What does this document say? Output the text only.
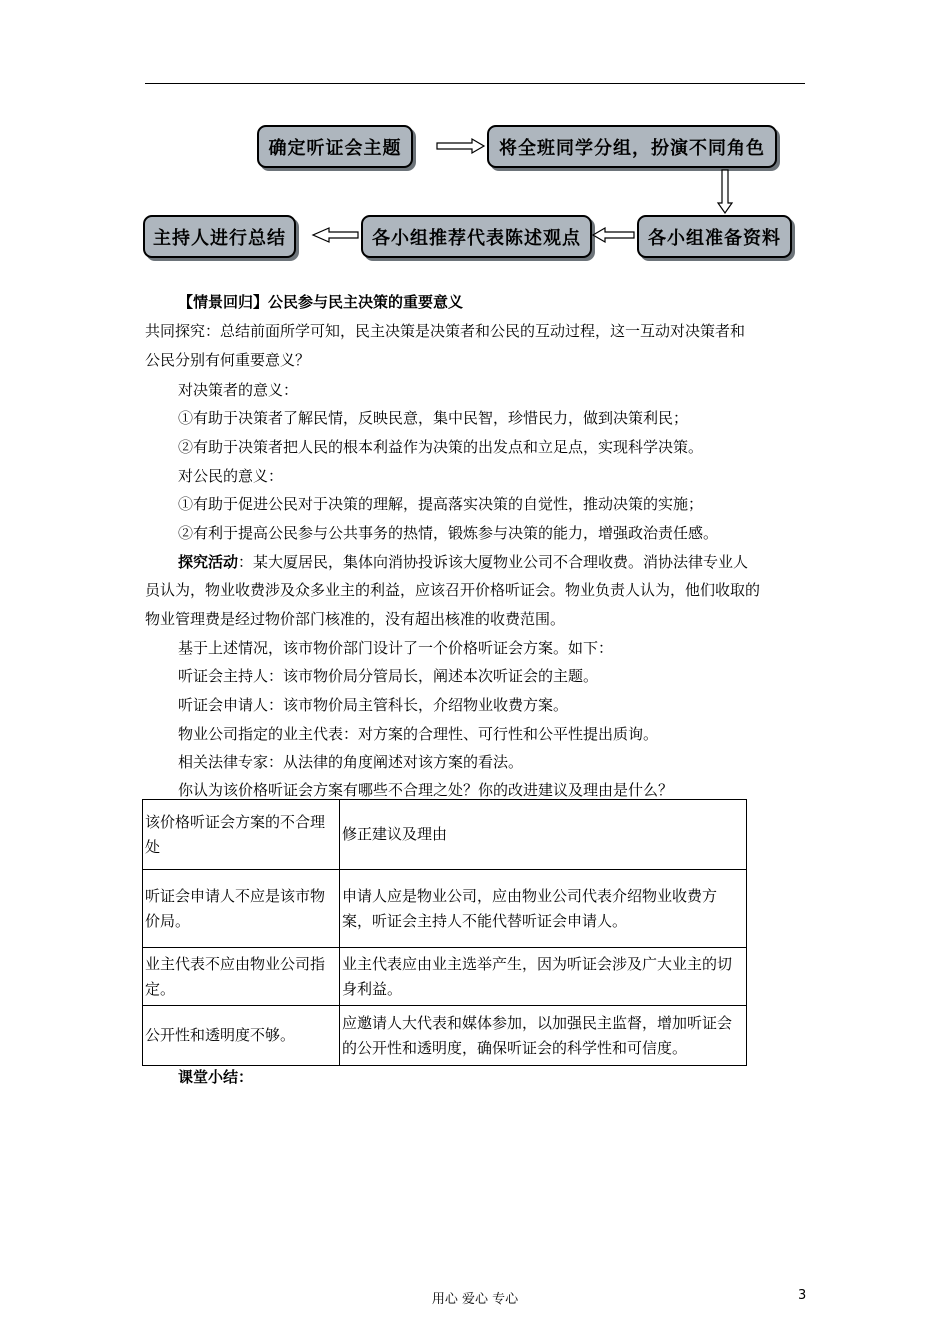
确定听证会主题	将全班同学分组，扮演不同角色
各小组准备资料
各小组推荐代表陈述观点
主持人进行总结
【情景回归】公民参与民主决策的重要意义
共同探究：总结前面所学可知，民主决策是决策者和公民的互动过程，这一互动对决策者和
公民分别有何重要意义？
对决策者的意义：
①有助于决策者了解民情，反映民意，集中民智，珍惜民力，做到决策利民；
②有助于决策者把人民的根本利益作为决策的出发点和立足点，实现科学决策。
对公民的意义：
①有助于促进公民对于决策的理解，提高落实决策的自觉性，推动决策的实施；
②有利于提高公民参与公共事务的热情，锻炼参与决策的能力，增强政治责任感。
探究活动：某大厦居民，集体向消协投诉该大厦物业公司不合理收费。消协法律专业人
员认为，物业收费涉及众多业主的利益，应该召开价格听证会。物业负责人认为，他们收取的
物业管理费是经过物价部门核准的，没有超出核准的收费范围。
基于上述情况，该市物价部门设计了一个价格听证会方案。如下：
听证会主持人：该市物价局分管局长，阐述本次听证会的主题。
听证会申请人：该市物价局主管科长，介绍物业收费方案。
物业公司指定的业主代表：对方案的合理性、可行性和公平性提出质询。
相关法律专家：从法律的角度阐述对该方案的看法。
你认为该价格听证会方案有哪些不合理之处？你的改进建议及理由是什么？
该价格听证会方案的不合理处	修正建议及理由
听证会申请人不应是该市物价局。	申请人应是物业公司，应由物业公司代表介绍物业收费方案，听证会主持人不能代替听证会申请人。
业主代表不应由物业公司指定。	业主代表应由业主选举产生，因为听证会涉及广大业主的切身利益。
公开性和透明度不够。	应邀请人大代表和媒体参加，以加强民主监督，增加听证会的公开性和透明度，确保听证会的科学性和可信度。
课堂小结：
用心 爱心 专心	3
